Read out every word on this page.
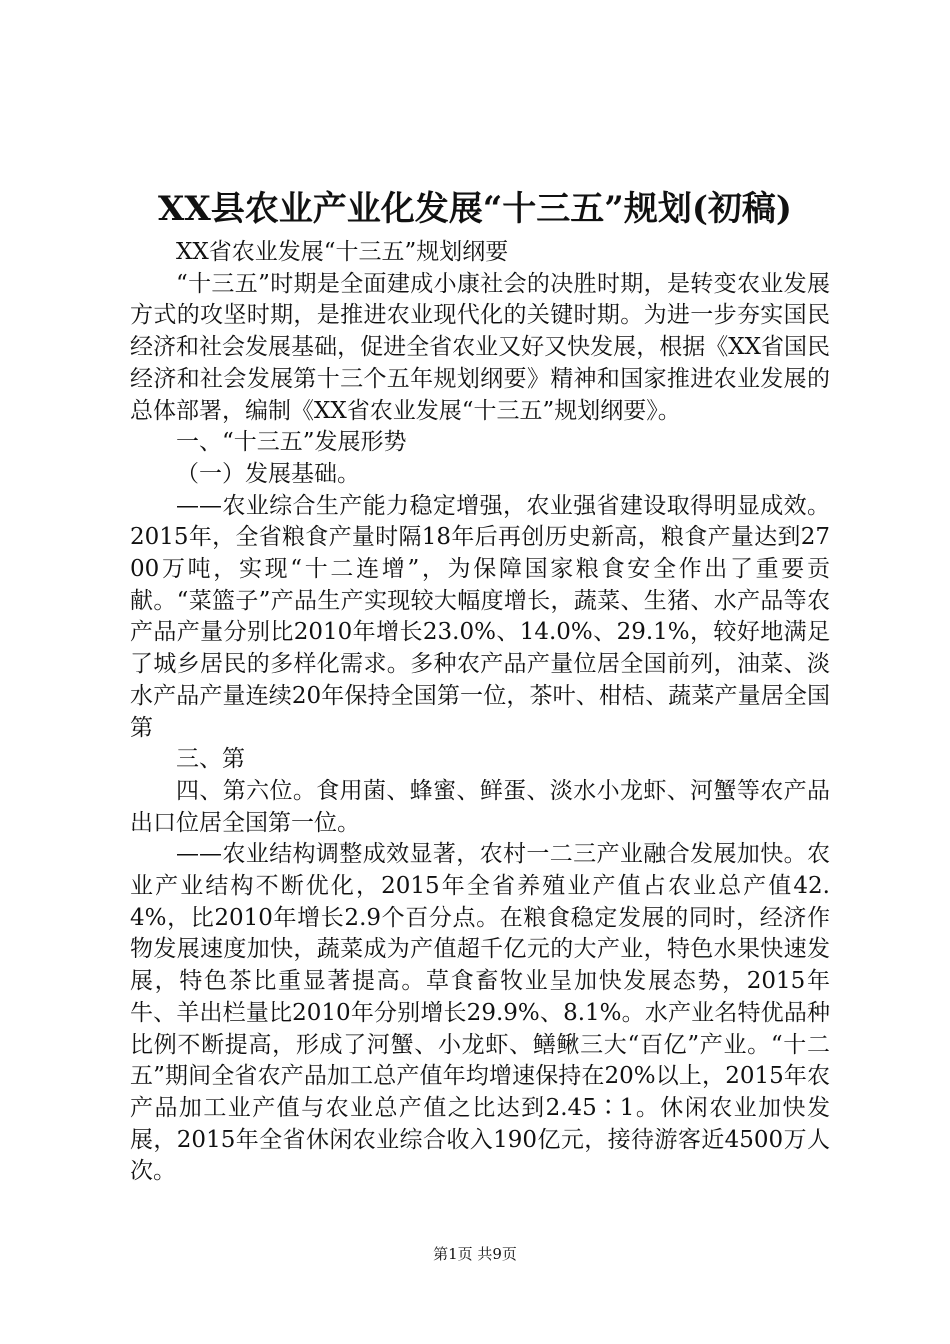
XX县农业产业化发展“十三五”规划(初稿)

XX省农业发展“十三五”规划纲要

“十三五”时期是全面建成小康社会的决胜时期，是转变农业发展方式的攻坚时期，是推进农业现代化的关键时期。为进一步夯实国民经济和社会发展基础，促进全省农业又好又快发展，根据《XX省国民经济和社会发展第十三个五年规划纲要》精神和国家推进农业发展的总体部署，编制《XX省农业发展“十三五”规划纲要》。

一、“十三五”发展形势

（一）发展基础。

——农业综合生产能力稳定增强，农业强省建设取得明显成效。2015年，全省粮食产量时隔18年后再创历史新高，粮食产量达到2700万吨，实现“十二连增”，为保障国家粮食安全作出了重要贡献。“菜篮子”产品生产实现较大幅度增长，蔬菜、生猪、水产品等农产品产量分别比2010年增长23.0%、14.0%、29.1%，较好地满足了城乡居民的多样化需求。多种农产品产量位居全国前列，油菜、淡水产品产量连续20年保持全国第一位，茶叶、柑桔、蔬菜产量居全国第

三、第

四、第六位。食用菌、蜂蜜、鲜蛋、淡水小龙虾、河蟹等农产品出口位居全国第一位。

——农业结构调整成效显著，农村一二三产业融合发展加快。农业产业结构不断优化，2015年全省养殖业产值占农业总产值42.4%，比2010年增长2.9个百分点。在粮食稳定发展的同时，经济作物发展速度加快，蔬菜成为产值超千亿元的大产业，特色水果快速发展，特色茶比重显著提高。草食畜牧业呈加快发展态势，2015年牛、羊出栏量比2010年分别增长29.9%、8.1%。水产业名特优品种比例不断提高，形成了河蟹、小龙虾、鳝鳅三大“百亿”产业。“十二五”期间全省农产品加工总产值年均增速保持在20%以上，2015年农产品加工业产值与农业总产值之比达到2.45∶1。休闲农业加快发展，2015年全省休闲农业综合收入190亿元，接待游客近4500万人次。

第1页 共9页
